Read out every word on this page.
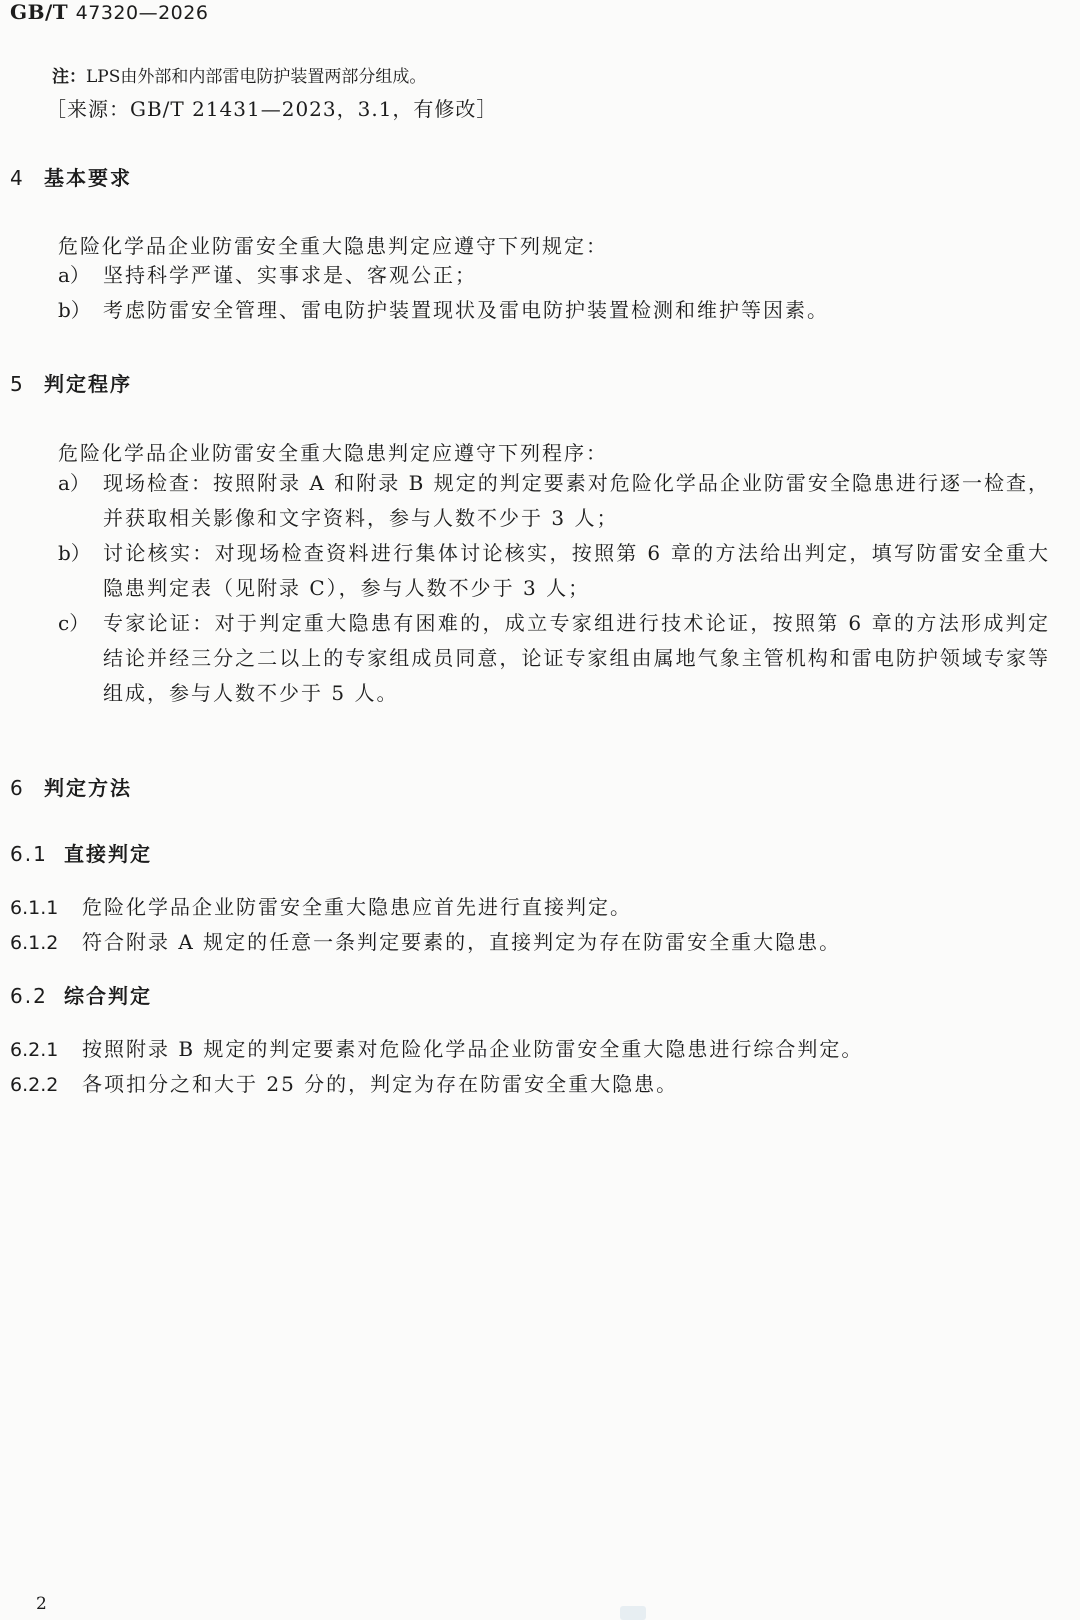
GB/T 47320—2026
注：LPS由外部和内部雷电防护装置两部分组成。
［来源：GB/T 21431—2023，3.1，有修改］
4 基本要求
危险化学品企业防雷安全重大隐患判定应遵守下列规定：
a） 坚持科学严谨、实事求是、客观公正；
b） 考虑防雷安全管理、雷电防护装置现状及雷电防护装置检测和维护等因素。
5 判定程序
危险化学品企业防雷安全重大隐患判定应遵守下列程序：
a） 现场检查：按照附录 A 和附录 B 规定的判定要素对危险化学品企业防雷安全隐患进行逐一检查，并获取相关影像和文字资料，参与人数不少于 3 人；
b） 讨论核实：对现场检查资料进行集体讨论核实，按照第 6 章的方法给出判定，填写防雷安全重大隐患判定表（见附录 C），参与人数不少于 3 人；
c） 专家论证：对于判定重大隐患有困难的，成立专家组进行技术论证，按照第 6 章的方法形成判定结论并经三分之二以上的专家组成员同意，论证专家组由属地气象主管机构和雷电防护领域专家等组成，参与人数不少于 5 人。
6 判定方法
6.1 直接判定
6.1.1 危险化学品企业防雷安全重大隐患应首先进行直接判定。
6.1.2 符合附录 A 规定的任意一条判定要素的，直接判定为存在防雷安全重大隐患。
6.2 综合判定
6.2.1 按照附录 B 规定的判定要素对危险化学品企业防雷安全重大隐患进行综合判定。
6.2.2 各项扣分之和大于 25 分的，判定为存在防雷安全重大隐患。
2
